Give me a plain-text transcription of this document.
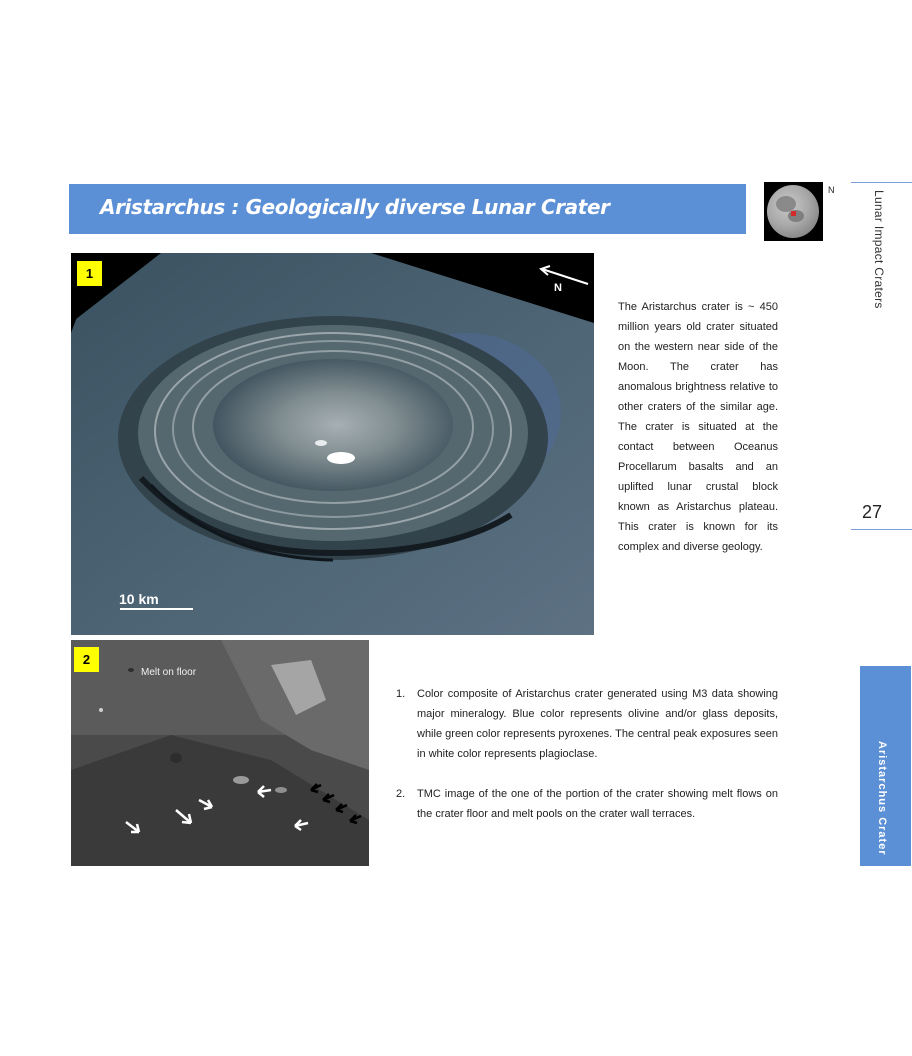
Aristarchus : Geologically diverse Lunar Crater
N	Lunar Impact Craters
27
Aristarchus Crater
1
N
10 km
2
Melt on floor
The Aristarchus crater is ~ 450 million years old crater situated on the western near side of the Moon. The crater has anomalous brightness relative to other craters of the similar age. The crater is situated at the contact between Oceanus Procellarum basalts and an uplifted lunar crustal block known as Aristarchus plateau. This crater is known for its complex and diverse geology.
1. Color composite of Aristarchus crater generated using M3 data showing major mineralogy. Blue color represents olivine and/or glass deposits, while green color represents pyroxenes. The central peak exposures seen in white color represents plagioclase.
2. TMC image of the one of the portion of the crater showing melt flows on the crater floor and melt pools on the crater wall terraces.
